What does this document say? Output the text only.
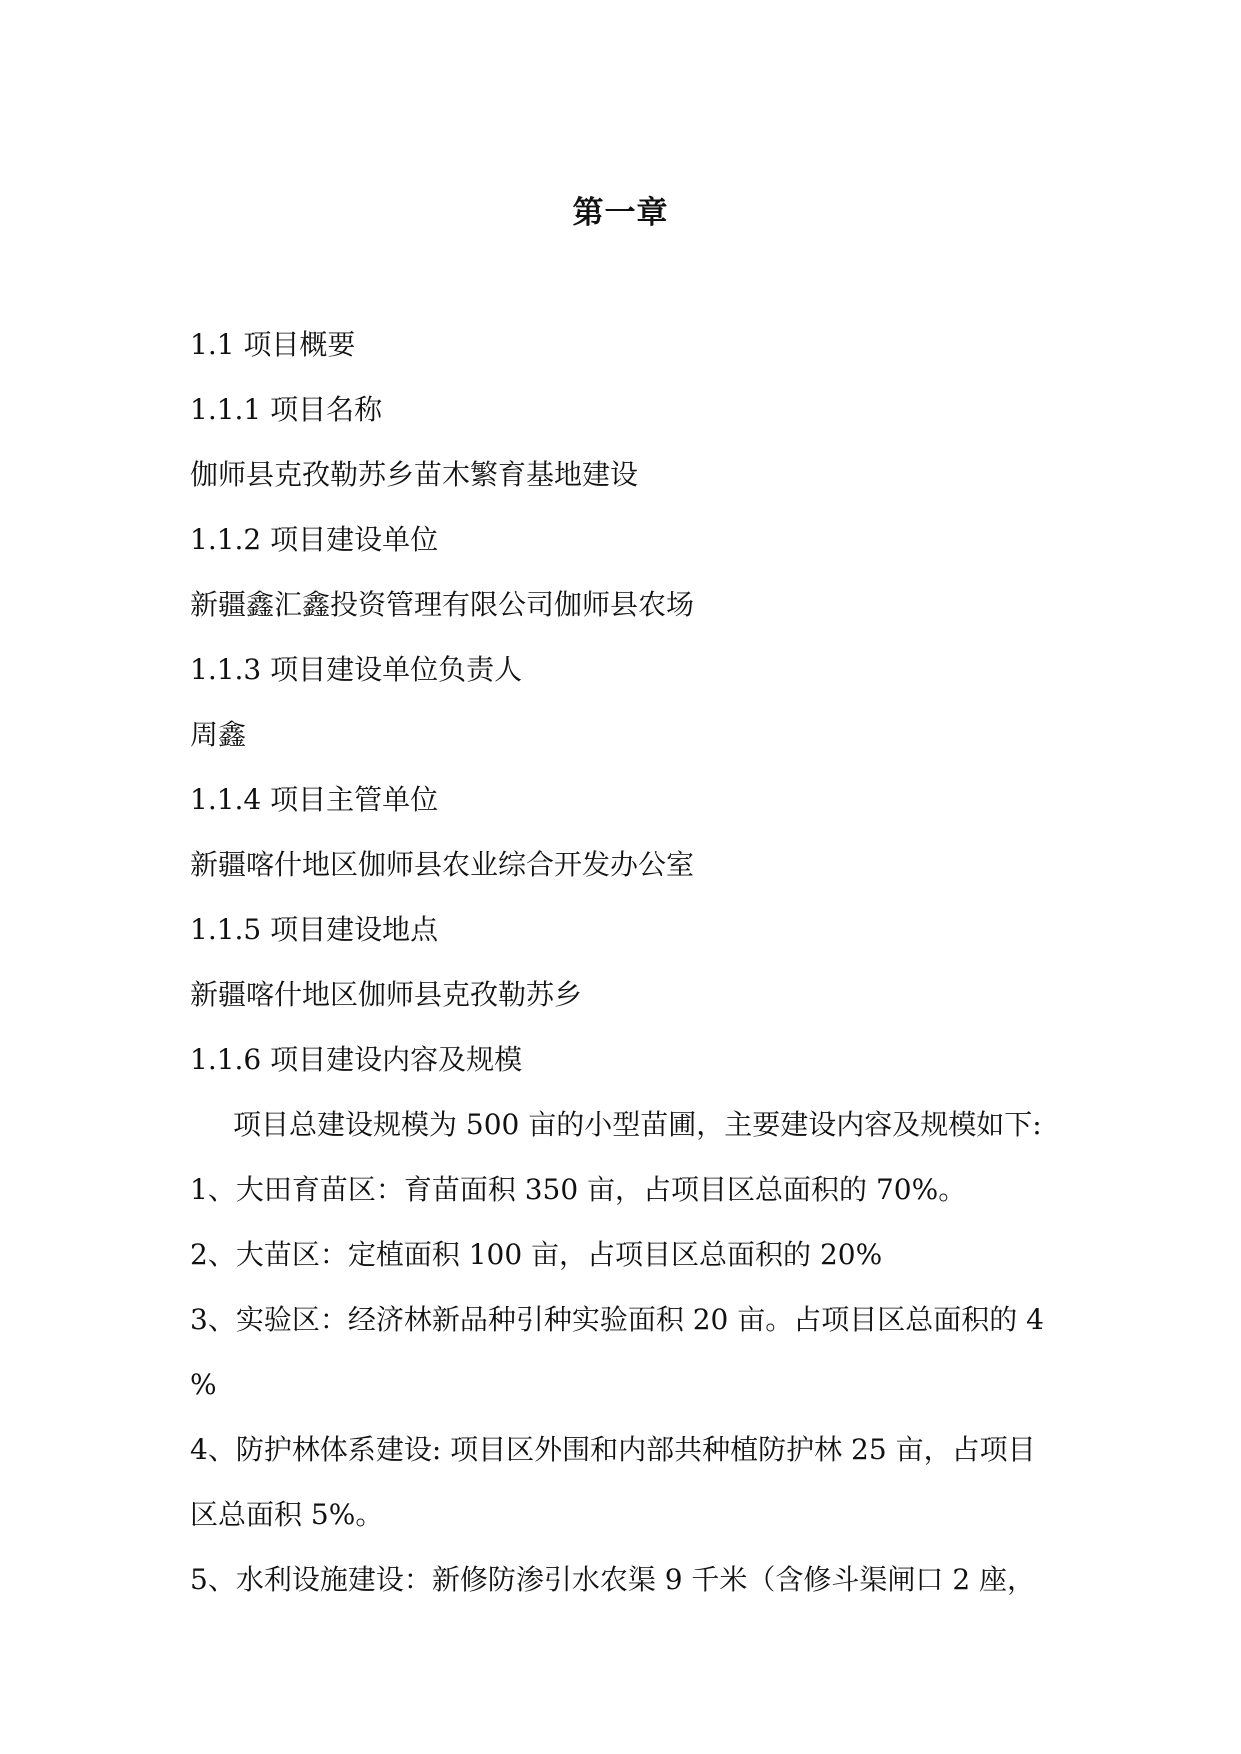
第一章
1.1 项目概要
1.1.1 项目名称
伽师县克孜勒苏乡苗木繁育基地建设
1.1.2 项目建设单位
新疆鑫汇鑫投资管理有限公司伽师县农场
1.1.3 项目建设单位负责人
周鑫
1.1.4 项目主管单位
新疆喀什地区伽师县农业综合开发办公室
1.1.5 项目建设地点
新疆喀什地区伽师县克孜勒苏乡
1.1.6 项目建设内容及规模
项目总建设规模为 500 亩的小型苗圃，主要建设内容及规模如下:
1、大田育苗区：育苗面积 350 亩，占项目区总面积的 70%。
2、大苗区：定植面积 100 亩，占项目区总面积的 20%
3、实验区：经济林新品种引种实验面积 20 亩。占项目区总面积的 4
%
4、防护林体系建设: 项目区外围和内部共种植防护林 25 亩，占项目
区总面积 5%。
5、水利设施建设：新修防渗引水农渠 9 千米（含修斗渠闸口 2 座，
